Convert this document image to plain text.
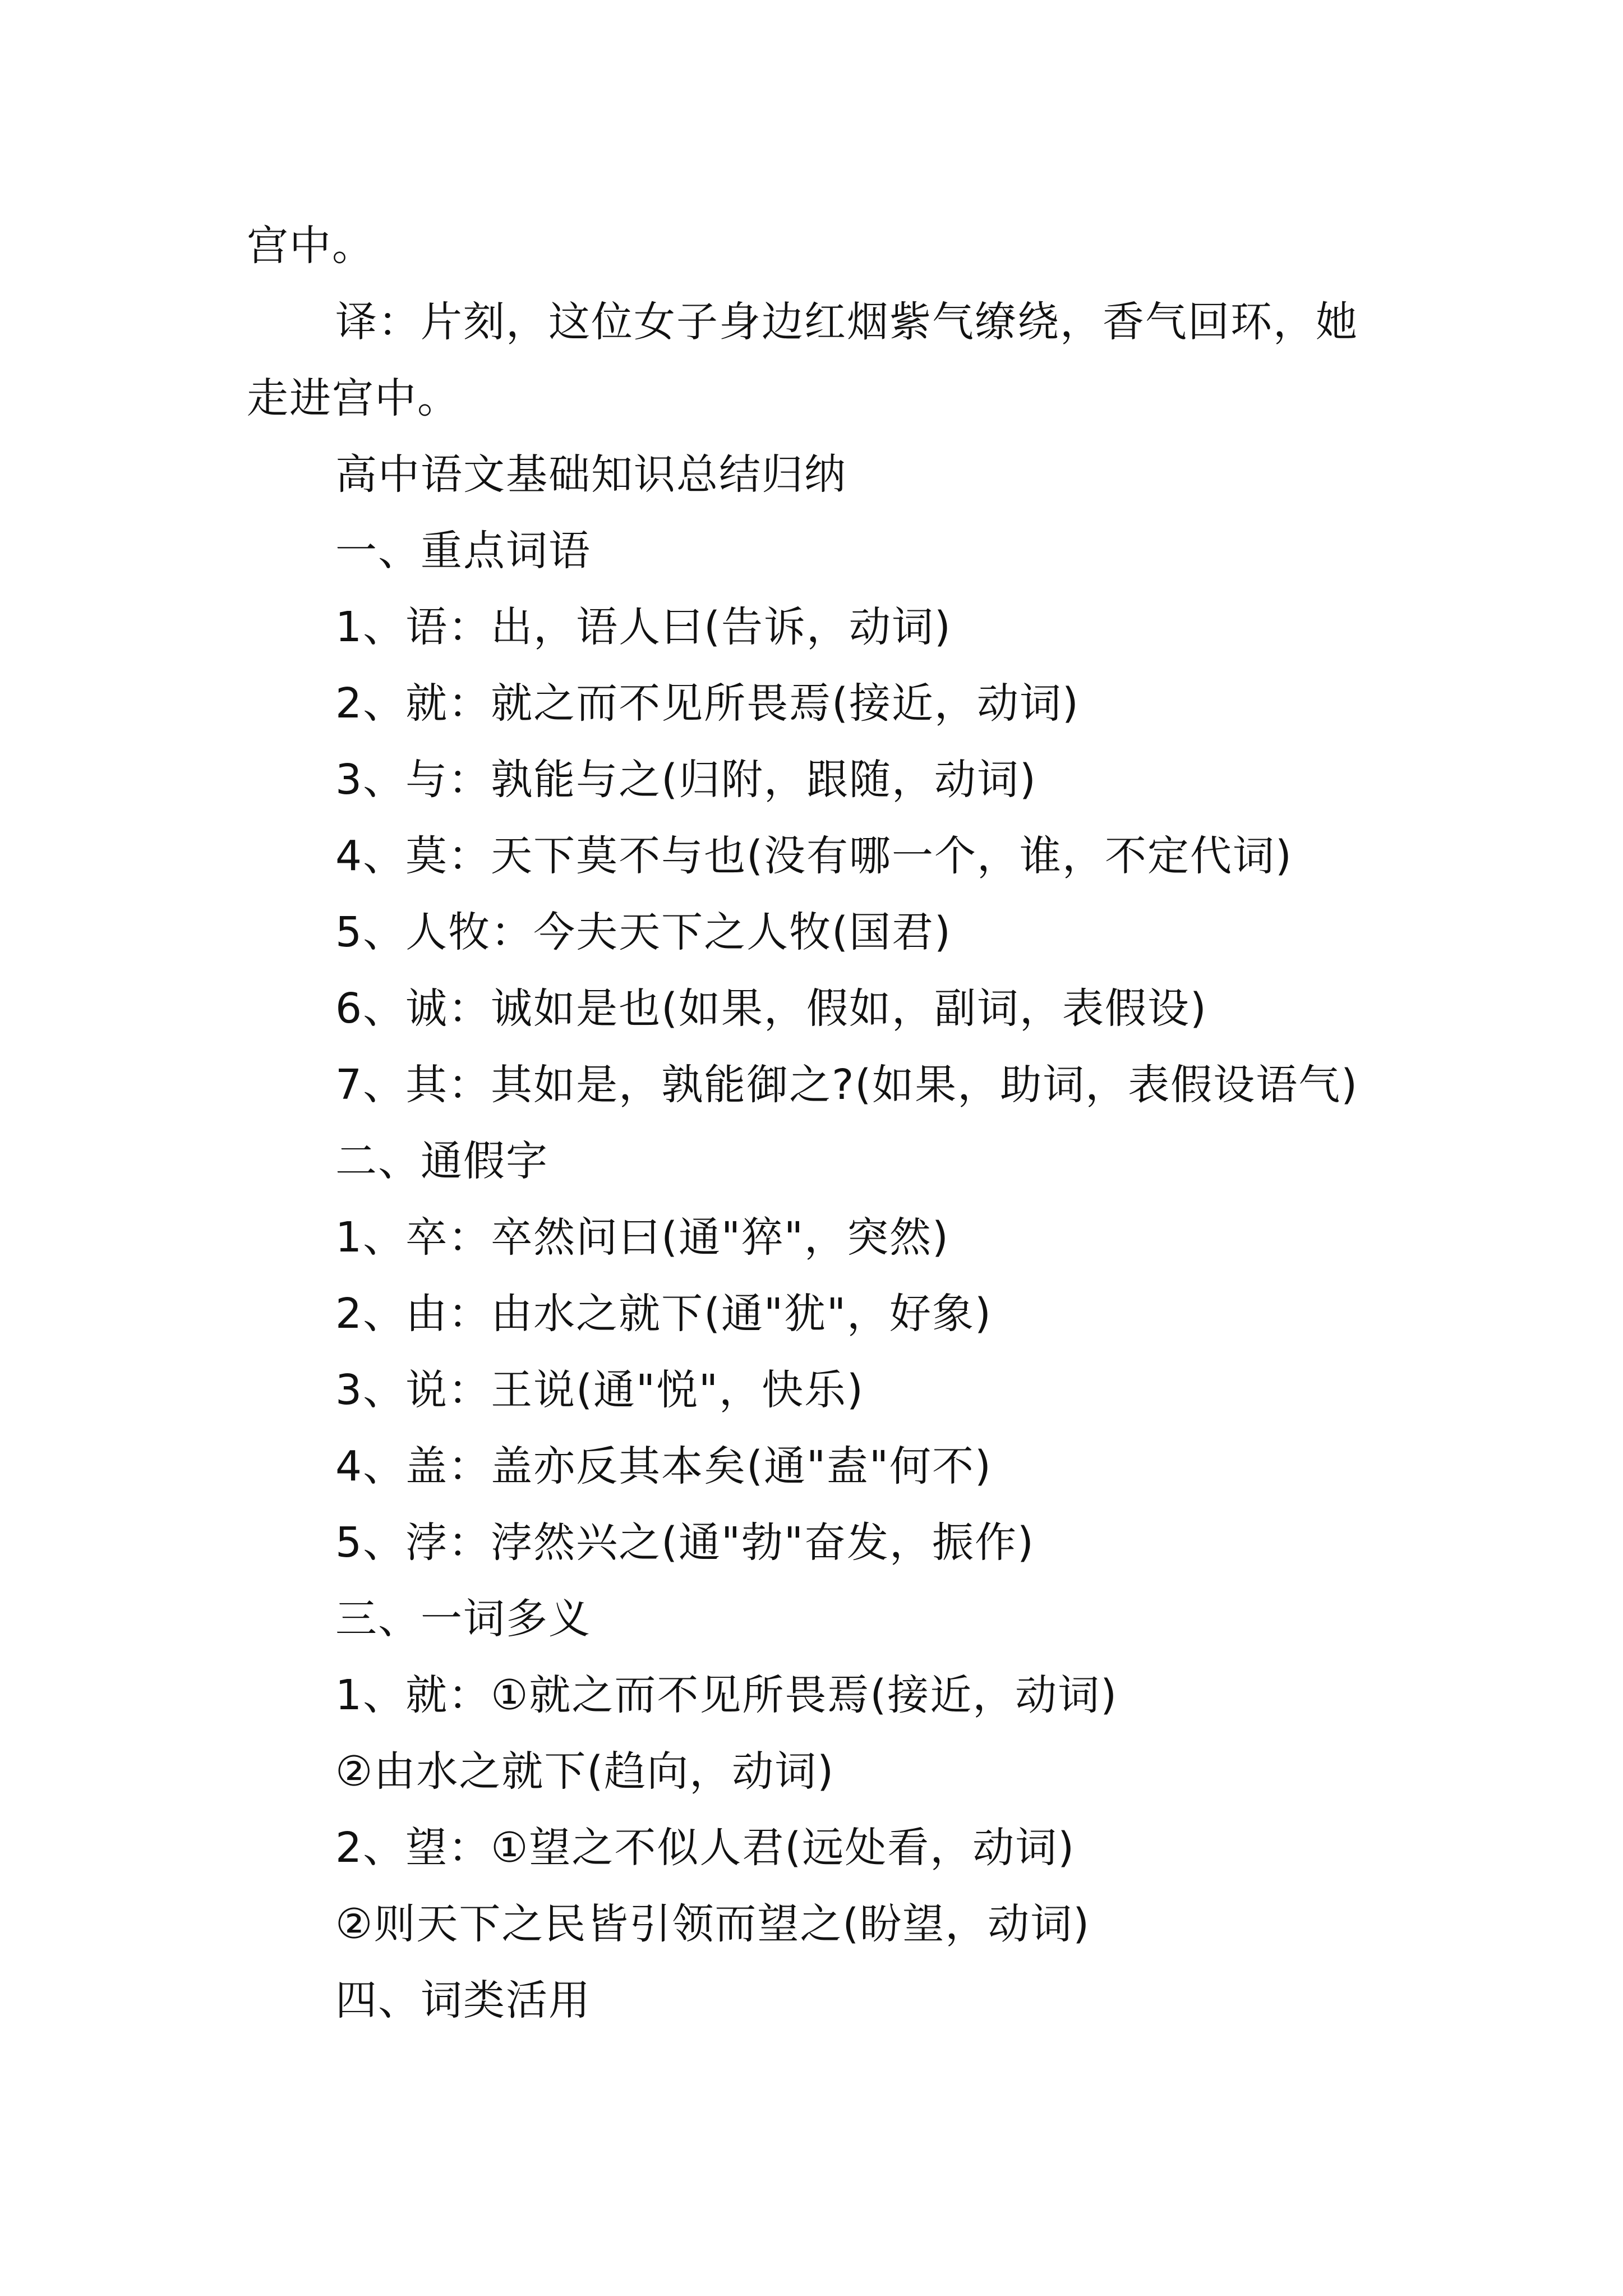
宫中。
译：片刻，这位女子身边红烟紫气缭绕，香气回环，她
走进宫中。
高中语文基础知识总结归纳
一、重点词语
1、语：出，语人曰(告诉，动词)
2、就：就之而不见所畏焉(接近，动词)
3、与：孰能与之(归附，跟随，动词)
4、莫：天下莫不与也(没有哪一个，谁，不定代词)
5、人牧：今夫天下之人牧(国君)
6、诚：诚如是也(如果，假如，副词，表假设)
7、其：其如是，孰能御之?(如果，助词，表假设语气)
二、通假字
1、卒：卒然问曰(通"猝"，突然)
2、由：由水之就下(通"犹"，好象)
3、说：王说(通"悦"，快乐)
4、盖：盖亦反其本矣(通"盍"何不)
5、浡：浡然兴之(通"勃"奋发，振作)
三、一词多义
1、就：①就之而不见所畏焉(接近，动词)
②由水之就下(趋向，动词)
2、望：①望之不似人君(远处看，动词)
②则天下之民皆引领而望之(盼望，动词)
四、词类活用
